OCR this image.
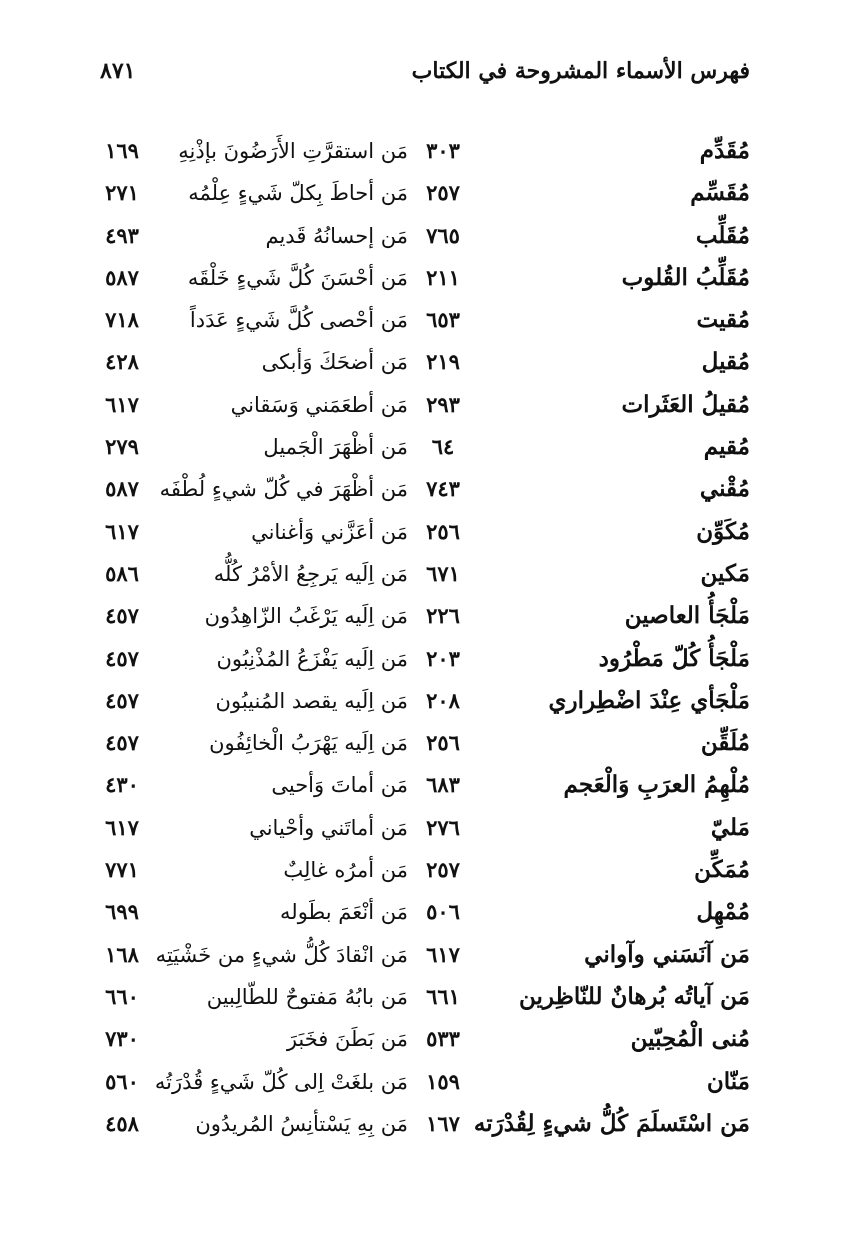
فهرس الأسماء المشروحة في الكتاب
٨٧١
مُقَدِّم
٣٠٣
مَن استقرَّتِ الأَرَضُونَ بإذْنِهِ
١٦٩
مُقَسِّم
٢٥٧
مَن أحاطَ بِكلّ شَيءٍ عِلْمُه
٢٧١
مُقَلِّب
٧٦٥
مَن إحسانُهُ قَديم
٤٩٣
مُقَلِّبُ القُلوب
٢١١
مَن أحْسَنَ كُلَّ شَيءٍ خَلْقَه
٥٨٧
مُقيت
٦٥٣
مَن أحْصى كُلَّ شَيءٍ عَدَداً
٧١٨
مُقيل
٢١٩
مَن أضحَكَ وَأبكى
٤٢٨
مُقيلُ العَثَرات
٢٩٣
مَن أطعَمَني وَسَقاني
٦١٧
مُقيم
٦٤
مَن أظْهَرَ الْجَميل
٢٧٩
مُقْني
٧٤٣
مَن أظْهَرَ في كُلّ شيءٍ لُطْفَه
٥٨٧
مُكَوِّن
٢٥٦
مَن أعَزَّني وَأغناني
٦١٧
مَكين
٦٧١
مَن اِلَيه يَرجِعُ الأمْرُ كُلُّه
٥٨٦
مَلْجَأُ العاصين
٢٢٦
مَن اِلَيه يَرْغَبُ الزّاهِدُون
٤٥٧
مَلْجَأُ كُلّ مَطْرُود
٢٠٣
مَن اِلَيه يَفْزَعُ المُذْنِبُون
٤٥٧
مَلْجَأي عِنْدَ اضْطِراري
٢٠٨
مَن اِلَيه يقصد المُنيبُون
٤٥٧
مُلَقِّن
٢٥٦
مَن اِلَيه يَهْرَبُ الْخائِفُون
٤٥٧
مُلْهِمُ العرَبِ وَالْعَجم
٦٨٣
مَن أماتَ وَأحيى
٤٣٠
مَليّ
٢٧٦
مَن أماتَني وأحْياني
٦١٧
مُمَكِّن
٢٥٧
مَن أمرُه غالِبٌ
٧٧١
مُمْهِل
٥٠٦
مَن أنْعَمَ بطَوله
٦٩٩
مَن آنَسَني وآواني
٦١٧
مَن انْقادَ كُلُّ شيءٍ من خَشْيَتِه
١٦٨
مَن آياتُه بُرهانٌ للنّاظِرين
٦٦١
مَن بابُهُ مَفتوحٌ للطّالِبين
٦٦٠
مُنى الْمُحِبّين
٥٣٣
مَن بَطَنَ فخَبَرَ
٧٣٠
مَنّان
١٥٩
مَن بلغَتْ اِلى كُلّ شَيءٍ قُدْرَتُه
٥٦٠
مَن اسْتَسلَمَ كُلُّ شيءٍ لِقُدْرَته
١٦٧
مَن بِهِ يَسْتأنِسُ المُريدُون
٤٥٨
